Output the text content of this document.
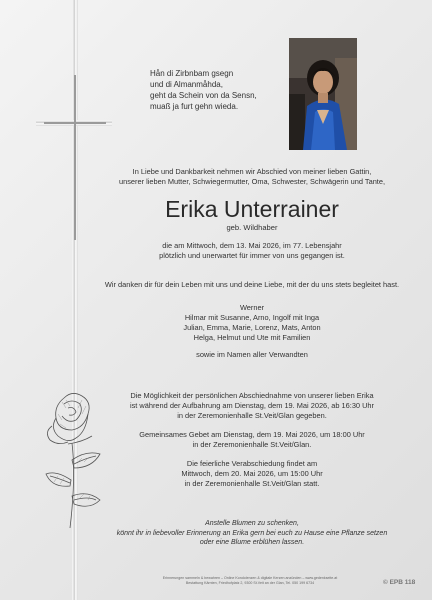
Hån di Zirbnbam gsegn
und di Almanmåhda,
geht da Schein von da Sensn,
muaß ja furt gehn wieda.
In Liebe und Dankbarkeit nehmen wir Abschied von meiner lieben Gattin,
unserer lieben Mutter, Schwiegermutter, Oma, Schwester, Schwägerin und Tante,
Erika Unterrainer
geb. Wildhaber
die am Mittwoch, dem 13. Mai 2026, im 77. Lebensjahr
plötzlich und unerwartet für immer von uns gegangen ist.
Wir danken dir für dein Leben mit uns und deine Liebe, mit der du uns stets begleitet hast.
Werner
Hilmar mit Susanne, Arno, Ingolf mit Inga
Julian, Emma, Marie, Lorenz, Mats, Anton
Helga, Helmut und Ute mit Familien
sowie im Namen aller Verwandten
Die Möglichkeit der persönlichen Abschiednahme von unserer lieben Erika
ist während der Aufbahrung am Dienstag, dem 19. Mai 2026, ab 16:30 Uhr
in der Zeremonienhalle St.Veit/Glan gegeben.
Gemeinsames Gebet am Dienstag, dem 19. Mai 2026, um 18:00 Uhr
in der Zeremonienhalle St.Veit/Glan.
Die feierliche Verabschiedung findet am
Mittwoch, dem 20. Mai 2026, um 15:00 Uhr
in der Zeremonienhalle St.Veit/Glan statt.
Anstelle Blumen zu schenken,
könnt ihr in liebevoller Erinnerung an Erika gern bei euch zu Hause eine Pflanze setzen
oder eine Blume erblühen lassen.
Erinnerungen sammeln & bewahren – Online Kondolenzen & digitale Kerzen anzünden – www.gedenkseite.at
Bestattung Kärnten, Friedhofplatz 2, 9300 St.Veit an der Glan, Tel. 050 199 6734	© EPB 118
